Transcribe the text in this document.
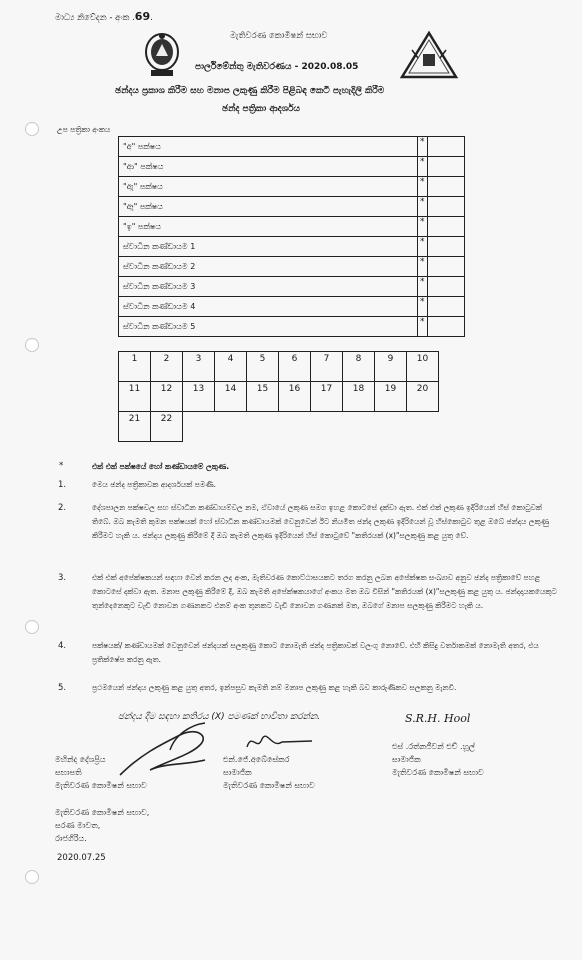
මාධ්‍ය නිවේදන - අංක .69.
මැතිවරණ කොමිෂන් සභාව
පාර්ලිමේන්තු මැතිවරණය - 2020.08.05
ඡන්දය ප්‍රකාශ කිරීම සහ මනාප ලකුණු කිරීම පිළිබඳ කෙටි පැහැදිලි කිරීම
ඡන්ද පත්‍රිකා ආදර්ශය
උප පත්‍රිකා අංකය
"අ" පක්ෂය	*	
"ආ" පක්ෂය	*	
"ඇ" පක්ෂය	*	
"ඈ" පක්ෂය	*	
"ඉ" පක්ෂය	*	
ස්වාධීන කණ්ඩායම 1	*	
ස්වාධීන කණ්ඩායම 2	*	
ස්වාධීන කණ්ඩායම 3	*	
ස්වාධීන කණ්ඩායම 4	*	
ස්වාධීන කණ්ඩායම 5	*	
1	2	3	4	5	6	7	8	9	10
11	12	13	14	15	16	17	18	19	20
21	22								
*	එක් එක් පක්ෂයේ හෝ කණ්ඩායමේ ලකුණ.
1.	මෙය ඡන්ද පත්‍රිකාවක ආදර්ශයක් පමණි.
2.	දේශපාලන පක්ෂවල සහ ස්වාධීන කණ්ඩායම්වල නම, ඒවායේ ලකුණ සමග ඉහළ කොටසේ දක්වා ඇත. එක් එක් ලකුණ ඉදිරියෙන් හිස් කොටුවක් තිබේ. ඔබ කැමති කුමන පක්ෂයක් හෝ ස්වාධීන කණ්ඩායමක් වෙනුවෙන් ඊට නියමිත ඡන්ද ලකුණ ඉදිරියෙන් වූ හිස්කොටුව තුළ ඔබේ ඡන්දය ලකුණු කිරීමට හැකි ය. ඡන්දය ලකුණු කිරීමේ දී ඔබ කැමති ලකුණ ඉදිරියෙන් හිස් කොටුවේ "කතිරයක් (x)"සලකුණු කළ යුතු වේ.
3.	එක් එක් අපේක්ෂකයන් සඳහා වෙන් කරන ලද අංක, මැතිවරණ කොට්ඨාසයකට තරග කරනු ලබන අපේක්ෂක සංඛ්‍යාව අනුව ඡන්ද පත්‍රිකාවේ පහළ කොටසේ දක්වා ඇත. මනාප ලකුණු කිරීමේ දී, ඔබ කැමති අපේක්ෂකයාගේ අංකය මත ඔබ විසින් "කතිරයක් (x)"සලකුණු කළ යුතු ය. ඡන්දදායකයෙකුට තුන්දෙනෙකුට වැඩි නොවන ගණනකට එනම් අංක තුනකට වැඩි නොවන ගණනක් මත, ඔබගේ මනාප සලකුණු කිරීමට හැකි ය.
4.	පක්ෂයක්/ කණ්ඩායමක් වෙනුවෙන් ඡන්දයක් සලකුණු කොට නොමැති ඡන්ද පත්‍රිකාවක් වලංගු නොවේ. එහි කිසිදු වර්තාකමක් නොමැති අතර, එය ප්‍රතික්ෂේප කරනු ඇත.
5.	ප්‍රථමයෙන් ඡන්දය ලකුණු කළ යුතු අතර, ඉන්පසුව කැමති නම් මනාප ලකුණු කළ හැකි බව කාරුණිකව සලකනු මැනවි.
ඡන්දය දීම සඳහා කතිරය (X) පමණක් භාවිතා කරන්න.	S.R.H. Hool
මහින්ද දේශප්‍රිය
සභාපති
මැතිවරණ කොමිෂන් සභාව
එන්.ජේ.අබේසේකර
සාමාජික
මැතිවරණ කොමිෂන් සභාව
එස් .රත්නජීවන් එච් .හූල්
සාමාජික
මැතිවරණ කොමිෂන් සභාව
මැතිවරණ කොමිෂන් සභාව,
සරණ මාවත,
රාජගිරිය.
2020.07.25
